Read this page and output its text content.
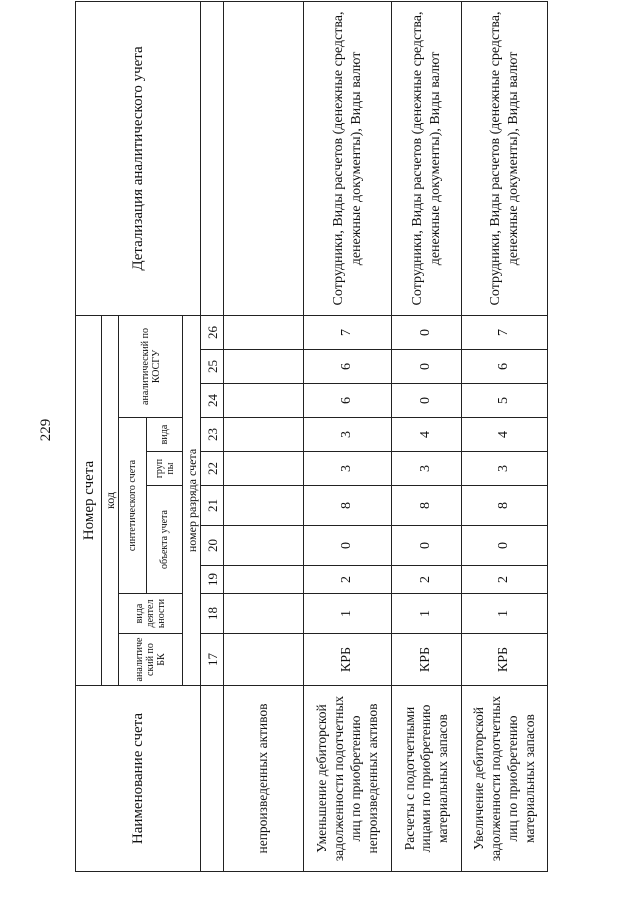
229
Наименование счета	Номер счета										Детализация аналитического учета
	код										
	аналитиче ский по БК	вида деятел ьности	синтетического счета					аналитический по КОСГУ			
			объекта учета			груп пы	вида				
	номер разряда счета										
	17	18	19	20	21	22	23	24	25	26	
непроизведенных активов											
Уменьшение дебиторской задолженности подотчетных лиц по приобретению непроизведенных активов	КРБ	1	2	0	8	3	3	6	6	7	Сотрудники, Виды расчетов (денежные средства, денежные документы), Виды валют
Расчеты с подотчетными лицами по приобретению материальных запасов	КРБ	1	2	0	8	3	4	0	0	0	Сотрудники, Виды расчетов (денежные средства, денежные документы), Виды валют
Увеличение дебиторской задолженности подотчетных лиц по приобретению материальных запасов	КРБ	1	2	0	8	3	4	5	6	7	Сотрудники, Виды расчетов (денежные средства, денежные документы), Виды валют
